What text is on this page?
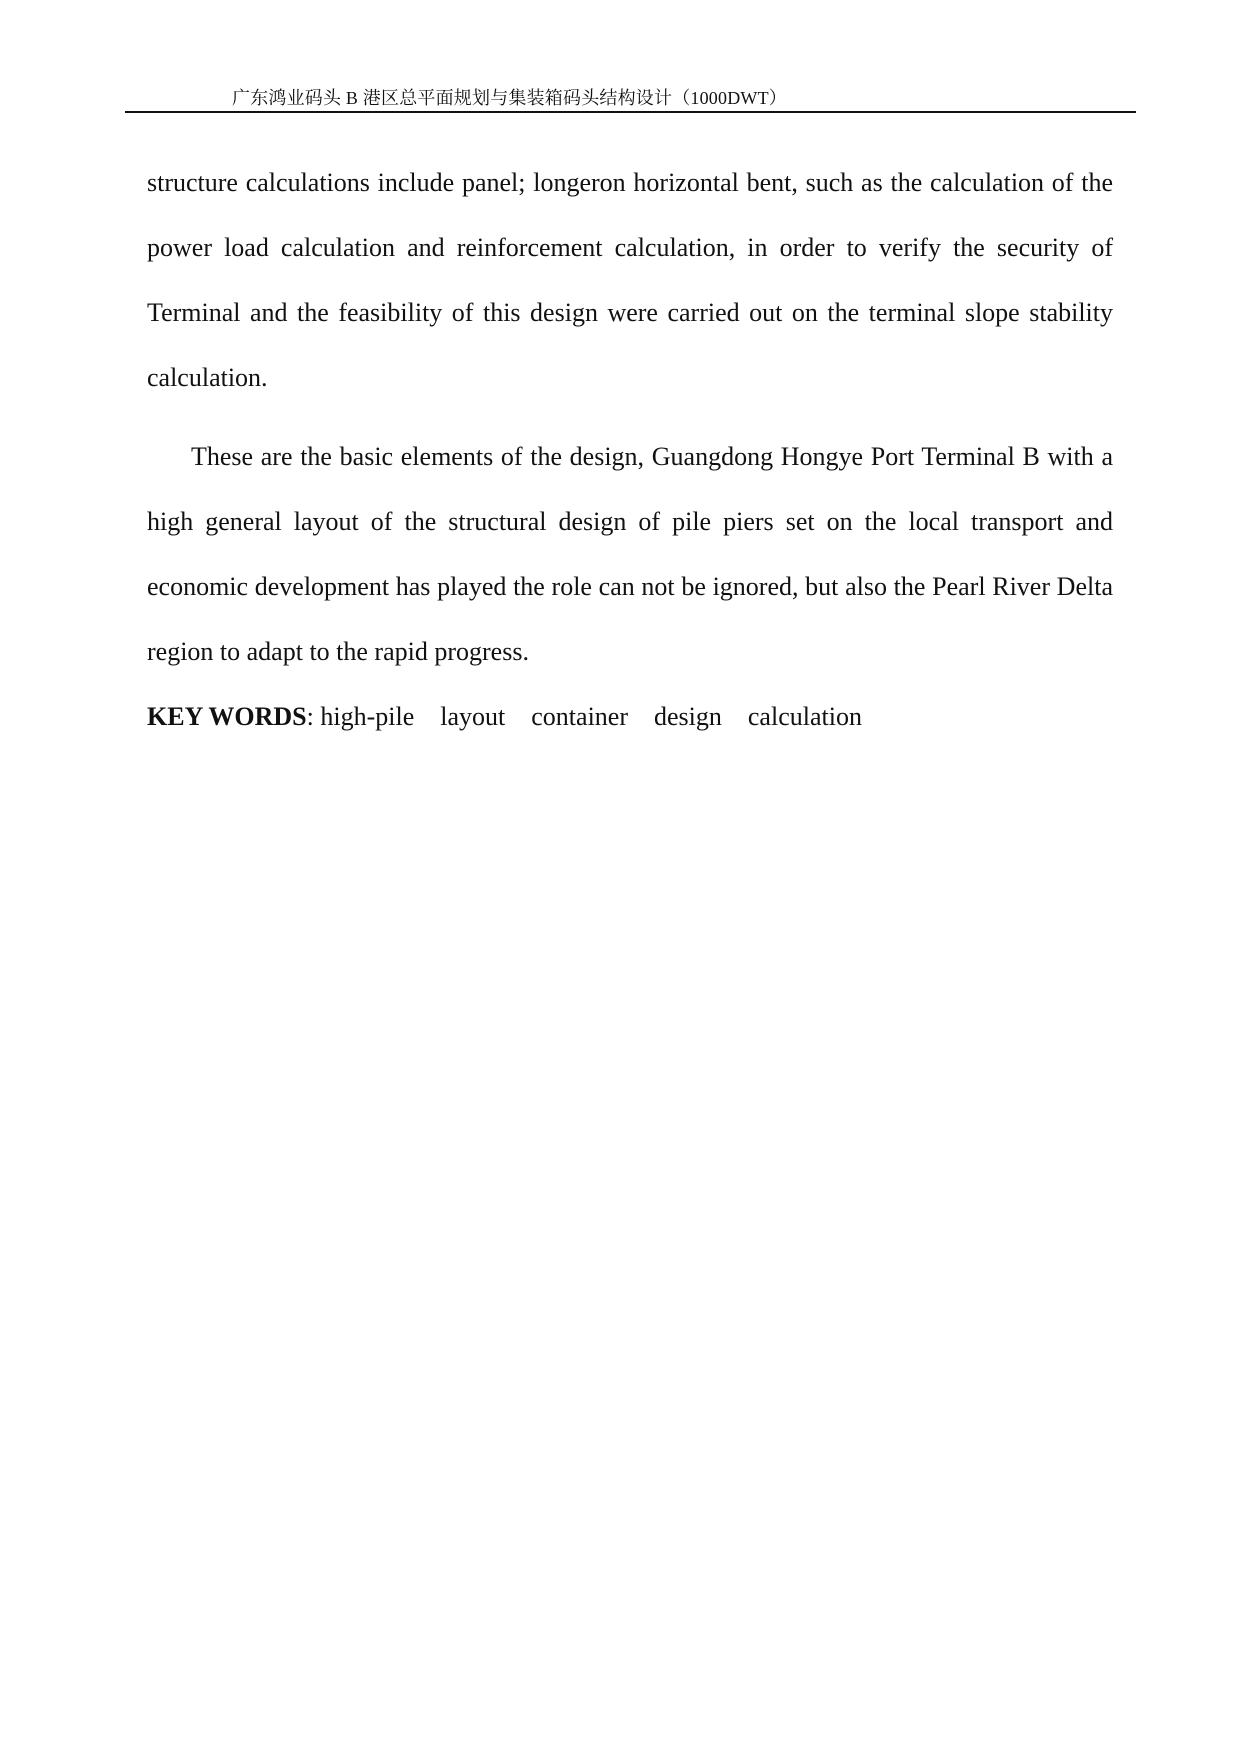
广东鸿业码头 B 港区总平面规划与集装箱码头结构设计（1000DWT）

structure calculations include panel; longeron horizontal bent, such as the calculation of the power load calculation and reinforcement calculation, in order to verify the security of Terminal and the feasibility of this design were carried out on the terminal slope stability calculation.

These are the basic elements of the design, Guangdong Hongye Port Terminal B with a high general layout of the structural design of pile piers set on the local transport and economic development has played the role can not be ignored, but also the Pearl River Delta region to adapt to the rapid progress.

KEY WORDS: high-pile layout container design calculation
